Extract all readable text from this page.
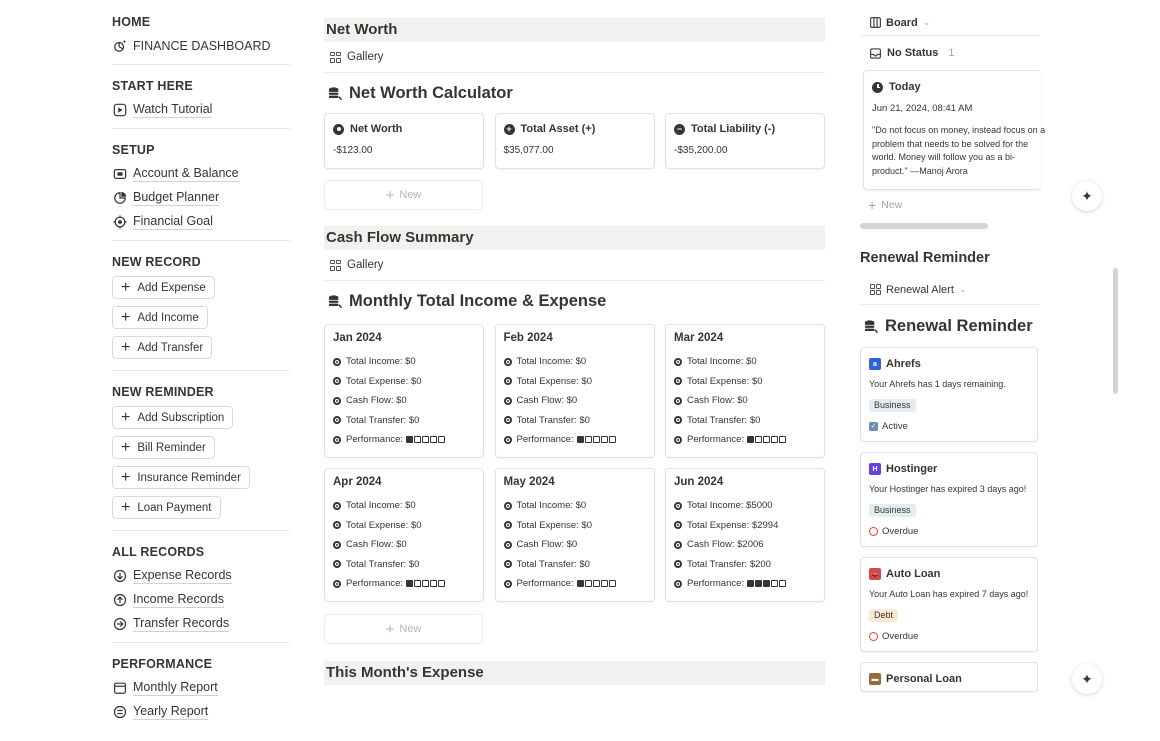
HOME
FINANCE DASHBOARD
START HERE
Watch Tutorial
SETUP
Account & Balance
Budget Planner
Financial Goal
NEW RECORD
+ Add Expense
+ Add Income
+ Add Transfer
NEW REMINDER
+ Add Subscription
+ Bill Reminder
+ Insurance Reminder
+ Loan Payment
ALL RECORDS
Expense Records
Income Records
Transfer Records
PERFORMANCE
Monthly Report
Yearly Report
Net Worth
Gallery
Net Worth Calculator
Net Worth
-$123.00
+ Total Asset (+)
$35,077.00
− Total Liability (-)
-$35,200.00
+ New
Cash Flow Summary
Gallery
Monthly Total Income & Expense
Jan 2024
Total Income: $0
Total Expense: $0
Cash Flow: $0
Total Transfer: $0
Performance:
Feb 2024
Total Income: $0
Total Expense: $0
Cash Flow: $0
Total Transfer: $0
Performance:
Mar 2024
Total Income: $0
Total Expense: $0
Cash Flow: $0
Total Transfer: $0
Performance:
Apr 2024
Total Income: $0
Total Expense: $0
Cash Flow: $0
Total Transfer: $0
Performance:
May 2024
Total Income: $0
Total Expense: $0
Cash Flow: $0
Total Transfer: $0
Performance:
Jun 2024
Total Income: $5000
Total Expense: $2994
Cash Flow: $2006
Total Transfer: $200
Performance:
+ New
This Month's Expense
Board ⌄
No Status 1
Today
Jun 21, 2024, 08:41 AM
"Do not focus on money, instead focus on a problem that needs to be solved for the world. Money will follow you as a bi-product." —Manoj Arora
+ New
Renewal Reminder
Renewal Alert ⌄
Renewal Reminder
a Ahrefs
Your Ahrefs has 1 days remaining.
Business
✓ Active
H Hostinger
Your Hostinger has expired 3 days ago!
Business
Overdue
🚗 Auto Loan
Your Auto Loan has expired 7 days ago!
Debt
Overdue
▬ Personal Loan
✦
✦
